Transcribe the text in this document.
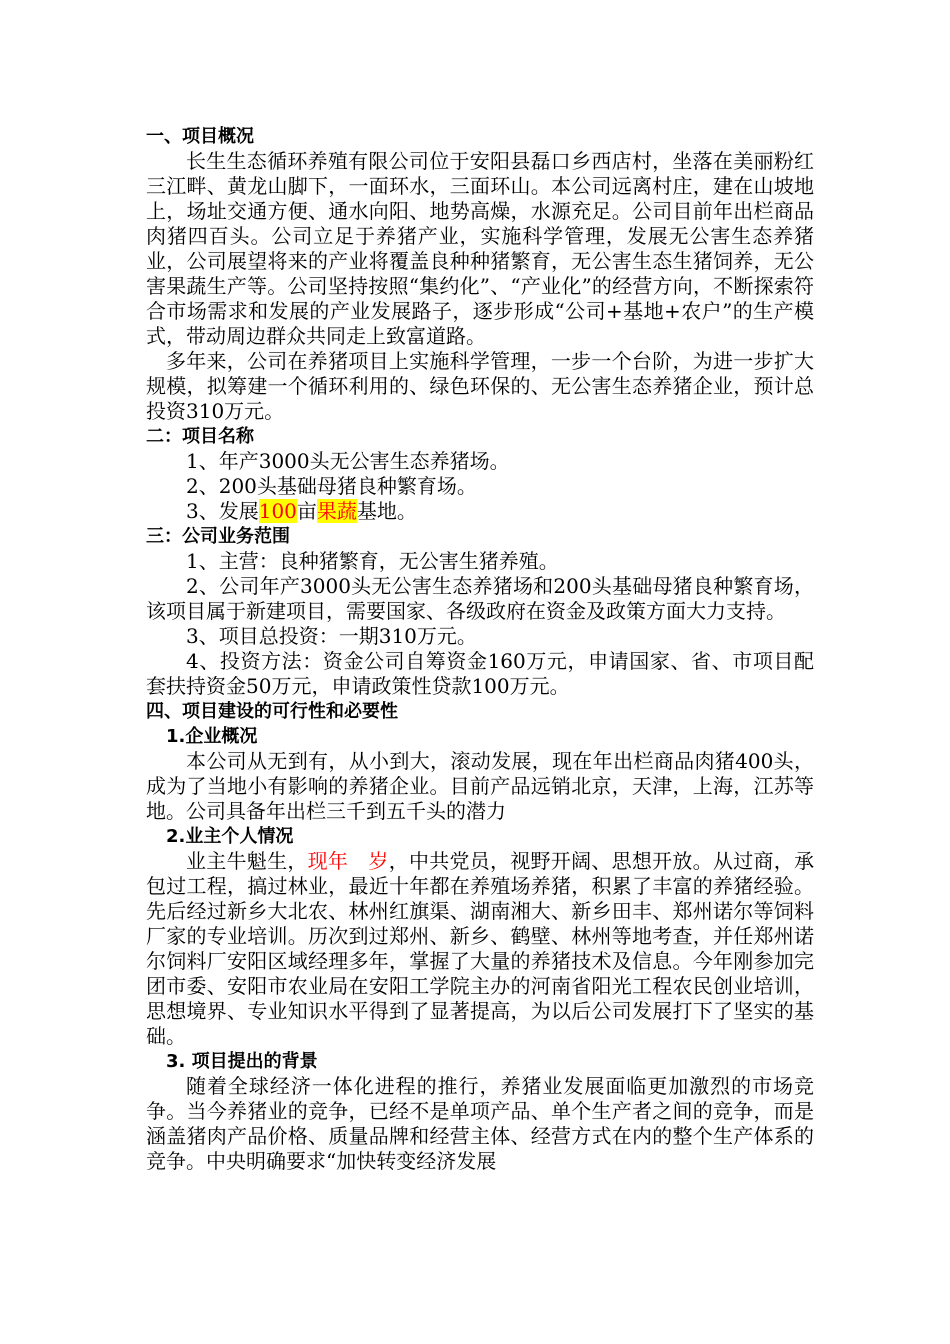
一、项目概况

长生生态循环养殖有限公司位于安阳县磊口乡西店村，坐落在美丽粉红三江畔、黄龙山脚下，一面环水，三面环山。本公司远离村庄，建在山坡地上，场址交通方便、通水向阳、地势高燥，水源充足。公司目前年出栏商品肉猪四百头。公司立足于养猪产业，实施科学管理，发展无公害生态养猪业，公司展望将来的产业将覆盖良种种猪繁育，无公害生态生猪饲养，无公害果蔬生产等。公司坚持按照“集约化”、“产业化”的经营方向，不断探索符合市场需求和发展的产业发展路子，逐步形成“公司+基地+农户”的生产模式，带动周边群众共同走上致富道路。

多年来，公司在养猪项目上实施科学管理，一步一个台阶，为进一步扩大规模，拟筹建一个循环利用的、绿色环保的、无公害生态养猪企业，预计总投资310万元。

二：项目名称

1、年产3000头无公害生态养猪场。

2、200头基础母猪良种繁育场。

3、发展100亩果蔬基地。

三：公司业务范围

1、主营：良种猪繁育，无公害生猪养殖。

2、公司年产3000头无公害生态养猪场和200头基础母猪良种繁育场，该项目属于新建项目，需要国家、各级政府在资金及政策方面大力支持。

3、项目总投资：一期310万元。

4、投资方法：资金公司自筹资金160万元，申请国家、省、市项目配套扶持资金50万元，申请政策性贷款100万元。

四、项目建设的可行性和必要性
1.企业概况

本公司从无到有，从小到大，滚动发展，现在年出栏商品肉猪400头，成为了当地小有影响的养猪企业。目前产品远销北京，天津，上海，江苏等地。公司具备年出栏三千到五千头的潜力

2.业主个人情况

业主牛魁生，现年　岁，中共党员，视野开阔、思想开放。从过商，承包过工程，搞过林业，最近十年都在养殖场养猪，积累了丰富的养猪经验。先后经过新乡大北农、林州红旗渠、湖南湘大、新乡田丰、郑州诺尔等饲料厂家的专业培训。历次到过郑州、新乡、鹤壁、林州等地考查，并任郑州诺尔饲料厂安阳区域经理多年，掌握了大量的养猪技术及信息。今年刚参加完团市委、安阳市农业局在安阳工学院主办的河南省阳光工程农民创业培训，思想境界、专业知识水平得到了显著提高，为以后公司发展打下了坚实的基础。

3. 项目提出的背景

随着全球经济一体化进程的推行，养猪业发展面临更加激烈的市场竞争。当今养猪业的竞争，已经不是单项产品、单个生产者之间的竞争，而是涵盖猪肉产品价格、质量品牌和经营主体、经营方式在内的整个生产体系的竞争。中央明确要求“加快转变经济发展
